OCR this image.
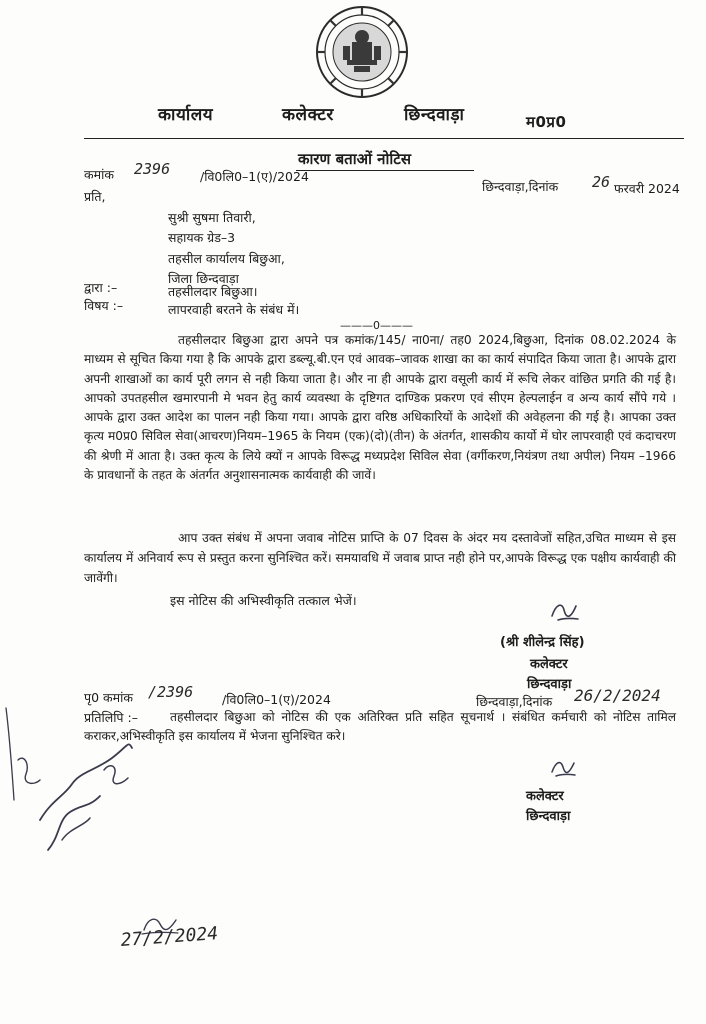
कार्यालय	कलेक्टर	छिन्दवाड़ा	म0प्र0
कारण बताओं नोटिस
कमांक 2396 /वि0लि0–1(ए)/2024
छिन्दवाड़ा,दिनांक 26 फरवरी 2024
प्रति,
सुश्री सुषमा तिवारी,
सहायक ग्रेड–3
तहसील कार्यालय बिछुआ,
जिला छिन्दवाड़ा
द्वारा :–	तहसीलदार बिछुआ।
विषय :–	लापरवाही बरतने के संबंध में।
———0———

तहसीलदार बिछुआ द्वारा अपने पत्र कमांक/145/ ना0ना/ तह0 2024,बिछुआ, दिनांक 08.02.2024 के माध्यम से सूचित किया गया है कि आपके द्वारा डब्ल्यू.बी.एन एवं आवक–जावक शाखा का का कार्य संपादित किया जाता है। आपके द्वारा अपनी शाखाओं का कार्य पूरी लगन से नही किया जाता है। और ना ही आपके द्वारा वसूली कार्य में रूचि लेकर वांछित प्रगति की गई है। आपको उपतहसील खमारपानी मे भवन हेतु कार्य व्यवस्था के दृष्टिगत दाण्डिक प्रकरण एवं सीएम हेल्पलाईन व अन्य कार्य सौंपे गये । आपके द्वारा उक्त आदेश का पालन नही किया गया। आपके द्वारा वरिष्ठ अधिकारियों के आदेशों की अवेहलना की गई है। आपका उक्त कृत्य म0प्र0 सिविल सेवा(आचरण)नियम–1965 के नियम (एक)(दो)(तीन) के अंतर्गत, शासकीय कार्यो में घोर लापरवाही एवं कदाचरण की श्रेणी में आता है। उक्त कृत्य के लिये क्यों न आपके विरूद्ध मध्यप्रदेश सिविल सेवा (वर्गीकरण,नियंत्रण तथा अपील) नियम –1966 के प्रावधानों के तहत के अंतर्गत अनुशासनात्मक कार्यवाही की जावें।

आप उक्त संबंध में अपना जवाब नोटिस प्राप्ति के 07 दिवस के अंदर मय दस्तावेजों सहित,उचित माध्यम से इस कार्यालय में अनिवार्य रूप से प्रस्तुत करना सुनिश्चित करें। समयावधि में जवाब प्राप्त नही होने पर,आपके विरूद्ध एक पक्षीय कार्यवाही की जावेंगी।

इस नोटिस की अभिस्वीकृति तत्काल भेजें।
(श्री शीलेन्द्र सिंह)
कलेक्टर
छिन्दवाड़ा
पृ0 कमांक /2396 /वि0लि0–1(ए)/2024	छिन्दवाड़ा,दिनांक 26/2/2024
प्रतिलिपि :–	तहसीलदार बिछुआ को नोटिस की एक अतिरिक्त प्रति सहित सूचनार्थ । संबंधित कर्मचारी को नोटिस तामिल कराकर,अभिस्वीकृति इस कार्यालय में भेजना सुनिश्चित करे।

कलेक्टर
छिन्दवाड़ा
27/2/2024
